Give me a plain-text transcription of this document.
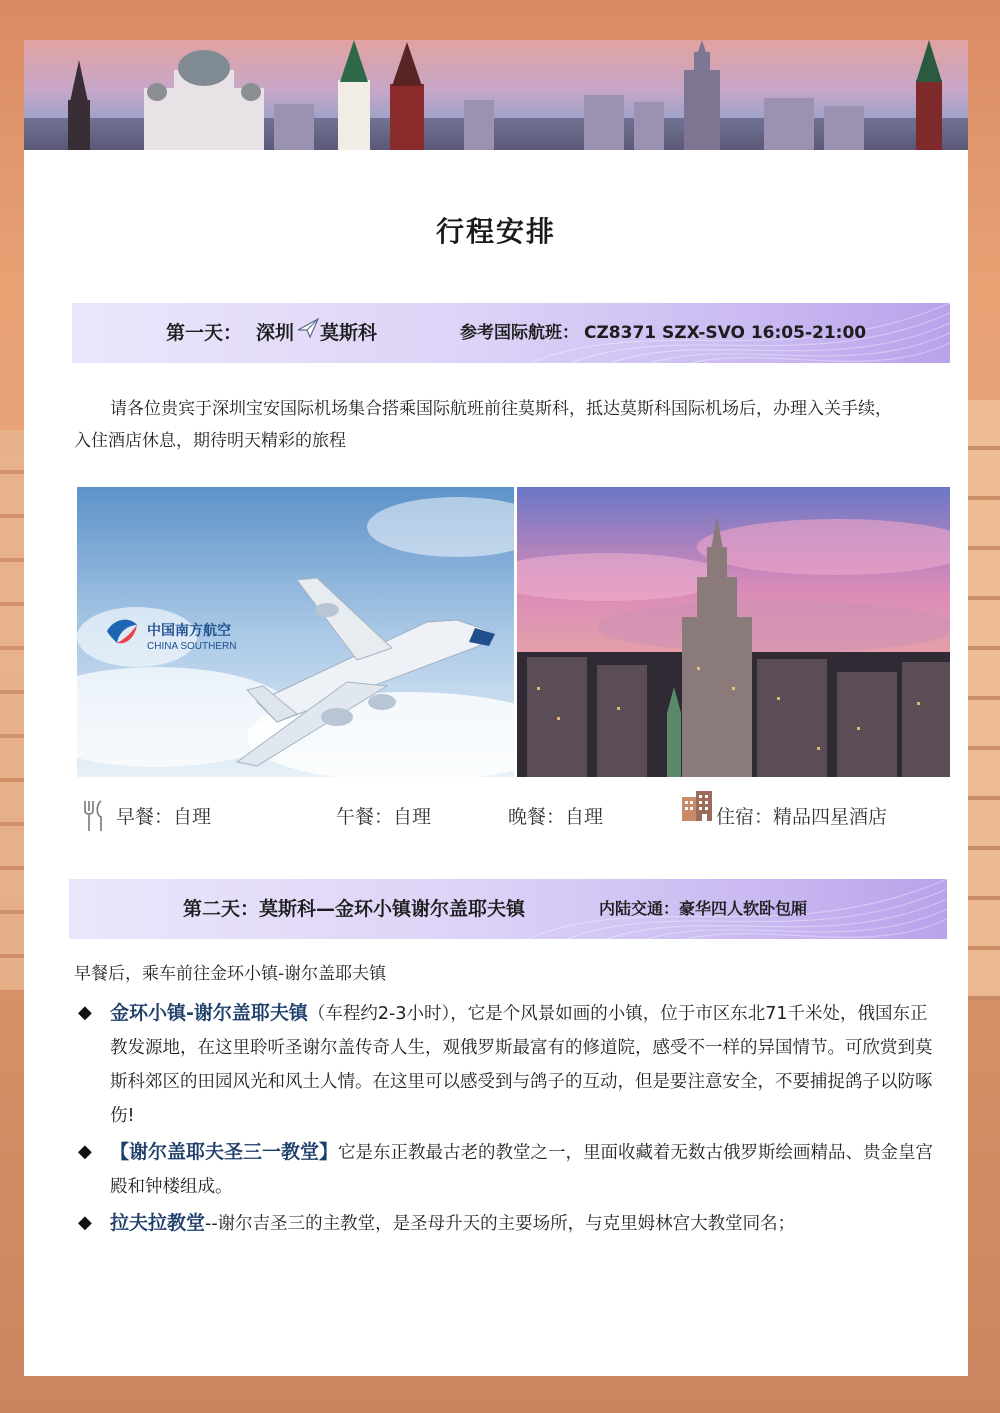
行程安排
第一天： 深圳 莫斯科	参考国际航班： CZ8371 SZX-SVO 16:05-21:00
请各位贵宾于深圳宝安国际机场集合搭乘国际航班前往莫斯科，抵达莫斯科国际机场后，办理入关手续，
入住酒店休息，期待明天精彩的旅程
中国南方航空
CHINA SOUTHERN
早餐：自理	午餐：自理	晚餐：自理	住宿：精品四星酒店
第二天：莫斯科—金环小镇谢尔盖耶夫镇	内陆交通：豪华四人软卧包厢
早餐后，乘车前往金环小镇-谢尔盖耶夫镇
◆ 金环小镇-谢尔盖耶夫镇（车程约2-3小时），它是个风景如画的小镇，位于市区东北71千米处，俄国东正教发源地，在这里聆听圣谢尔盖传奇人生，观俄罗斯最富有的修道院，感受不一样的异国情节。可欣赏到莫斯科郊区的田园风光和风土人情。在这里可以感受到与鸽子的互动，但是要注意安全，不要捕捉鸽子以防啄伤!
◆ 【谢尔盖耶夫圣三一教堂】它是东正教最古老的教堂之一，里面收藏着无数古俄罗斯绘画精品、贵金皇宫殿和钟楼组成。
◆ 拉夫拉教堂--谢尔吉圣三的主教堂，是圣母升天的主要场所，与克里姆林宫大教堂同名；
